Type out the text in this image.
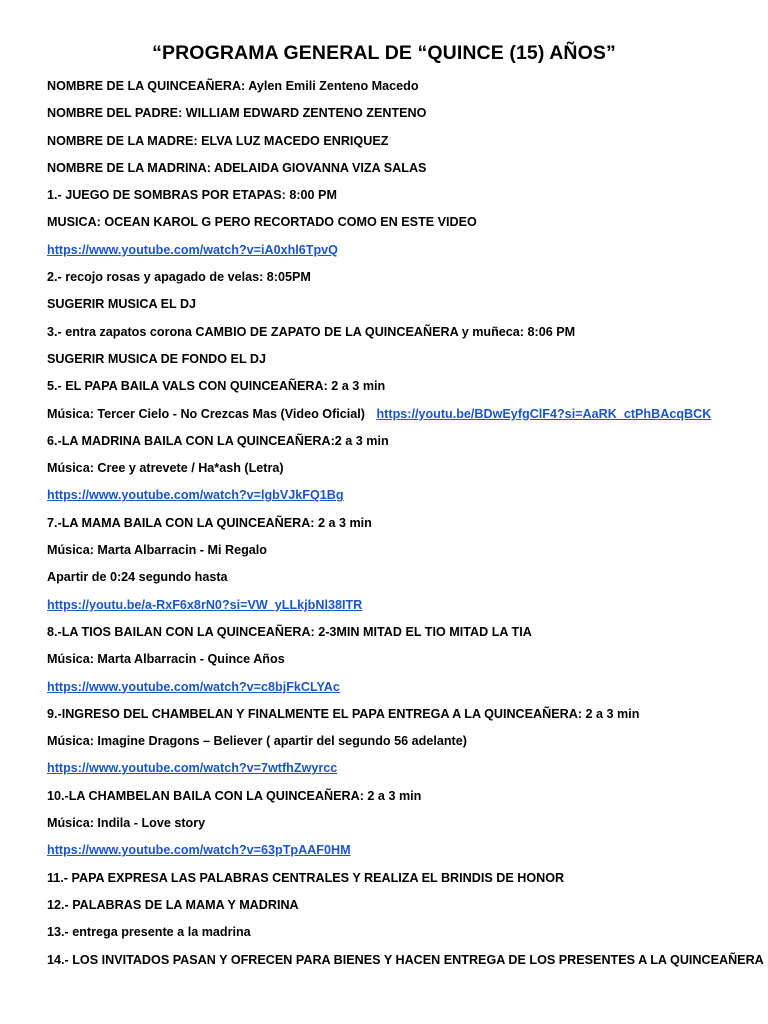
“PROGRAMA GENERAL DE “QUINCE (15) AÑOS”
NOMBRE DE LA QUINCEAÑERA: Aylen Emili Zenteno Macedo
NOMBRE DEL PADRE: WILLIAM EDWARD ZENTENO ZENTENO
NOMBRE DE LA MADRE: ELVA LUZ MACEDO ENRIQUEZ
NOMBRE DE LA MADRINA: ADELAIDA GIOVANNA VIZA SALAS
1.- JUEGO DE SOMBRAS POR ETAPAS: 8:00 PM
MUSICA: OCEAN KAROL G PERO RECORTADO COMO EN ESTE VIDEO
https://www.youtube.com/watch?v=iA0xhl6TpvQ
2.- recojo rosas y apagado de velas: 8:05PM
SUGERIR MUSICA EL DJ
3.- entra zapatos corona CAMBIO DE ZAPATO DE LA QUINCEAÑERA y muñeca: 8:06 PM
SUGERIR MUSICA DE FONDO EL DJ
5.- EL PAPA BAILA VALS CON QUINCEAÑERA: 2 a 3 min
Música: Tercer Cielo - No Crezcas Mas (Video Oficial) https://youtu.be/BDwEyfgClF4?si=AaRK_ctPhBAcqBCK
6.-LA MADRINA BAILA CON LA QUINCEAÑERA:2 a 3 min
Música: Cree y atrevete / Ha*ash (Letra)
https://www.youtube.com/watch?v=lgbVJkFQ1Bg
7.-LA MAMA BAILA CON LA QUINCEAÑERA: 2 a 3 min
Música: Marta Albarracin - Mi Regalo
Apartir de 0:24 segundo hasta
https://youtu.be/a-RxF6x8rN0?si=VW_yLLkjbNl38ITR
8.-LA TIOS BAILAN CON LA QUINCEAÑERA: 2-3MIN MITAD EL TIO MITAD LA TIA
Música: Marta Albarracin - Quince Años
https://www.youtube.com/watch?v=c8bjFkCLYAc
9.-INGRESO DEL CHAMBELAN Y FINALMENTE EL PAPA ENTREGA A LA QUINCEAÑERA: 2 a 3 min
Música: Imagine Dragons – Believer ( apartir del segundo 56 adelante)
https://www.youtube.com/watch?v=7wtfhZwyrcc
10.-LA CHAMBELAN BAILA CON LA QUINCEAÑERA: 2 a 3 min
Música: Indila - Love story
https://www.youtube.com/watch?v=63pTpAAF0HM
11.- PAPA EXPRESA LAS PALABRAS CENTRALES Y REALIZA EL BRINDIS DE HONOR
12.- PALABRAS DE LA MAMA Y MADRINA
13.- entrega presente a la madrina
14.- LOS INVITADOS PASAN Y OFRECEN PARA BIENES Y HACEN ENTREGA DE LOS PRESENTES A LA QUINCEAÑERA
